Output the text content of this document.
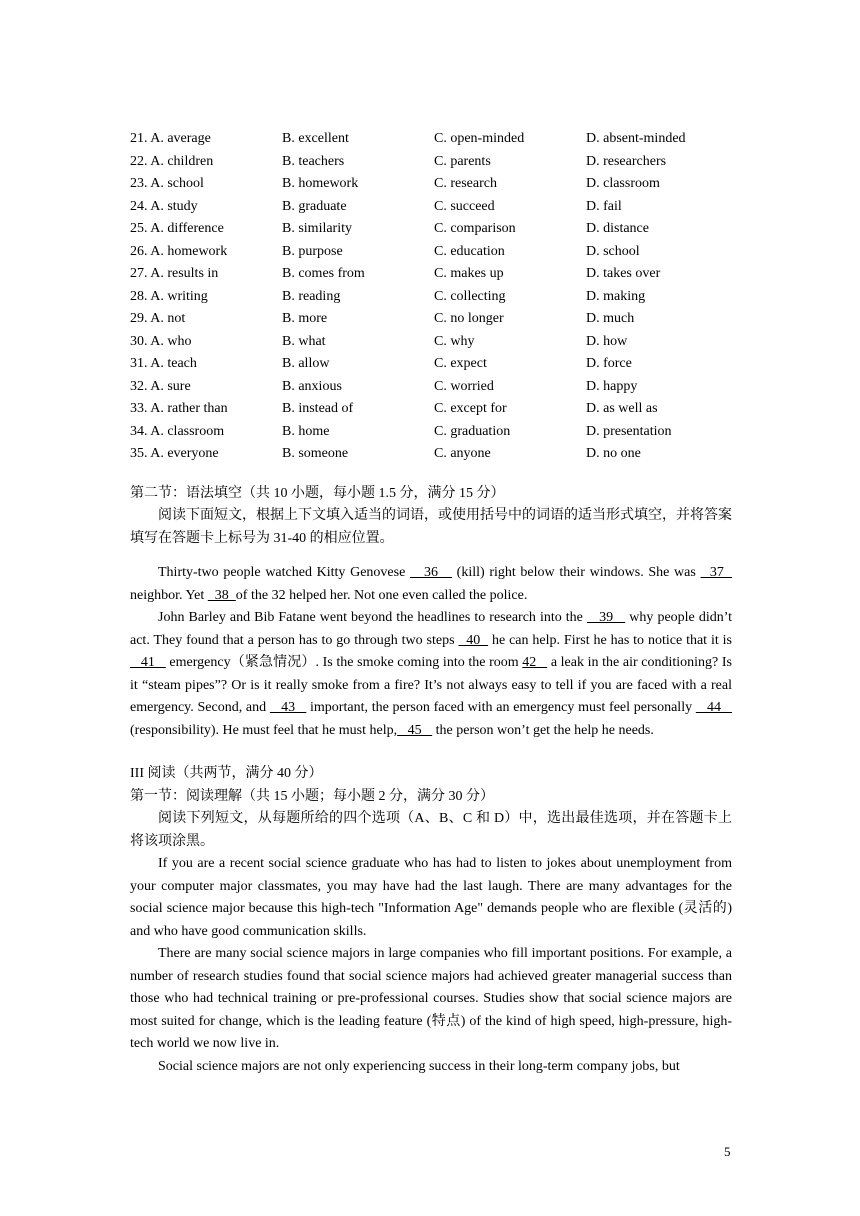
21. A. average	B. excellent	C. open-minded	D. absent-minded
22. A. children	B. teachers	C. parents	D. researchers
23. A. school	B. homework	C. research	D. classroom
24. A. study	B. graduate	C. succeed	D. fail
25. A. difference	B. similarity	C. comparison	D. distance
26. A. homework	B. purpose	C. education	D. school
27. A. results in	B. comes from	C. makes up	D. takes over
28. A. writing	B. reading	C. collecting	D. making
29. A. not	B. more	C. no longer	D. much
30. A. who	B. what	C. why	D. how
31. A. teach	B. allow	C. expect	D. force
32. A. sure	B. anxious	C. worried	D. happy
33. A. rather than	B. instead of	C. except for	D. as well as
34. A. classroom	B. home	C. graduation	D. presentation
35. A. everyone	B. someone	C. anyone	D. no one
第二节：语法填空（共 10 小题，每小题 1.5 分，满分 15 分）

阅读下面短文，根据上下文填入适当的词语，或使用括号中的词语的适当形式填空，并将答案填写在答题卡上标号为 31-40 的相应位置。

Thirty-two people watched Kitty Genovese    36    (kill) right below their windows. She was   37   neighbor. Yet   38  of the 32 helped her. Not one even called the police.

John Barley and Bib Fatane went beyond the headlines to research into the    39    why people didn’t act. They found that a person has to go through two steps   40   he can help. First he has to notice that it is    41    emergency（紧急情况）. Is the smoke coming into the room 42    a leak in the air conditioning? Is it “steam pipes”? Or is it really smoke from a fire? It’s not always easy to tell if you are faced with a real emergency. Second, and    43    important, the person faced with an emergency must feel personally    44    (responsibility). He must feel that he must help,   45    the person won’t get the help he needs.

III 阅读（共两节，满分 40 分）
第一节：阅读理解（共 15 小题；每小题 2 分，满分 30 分）

阅读下列短文，从每题所给的四个选项（A、B、C 和 D）中，选出最佳选项，并在答题卡上将该项涂黑。

If you are a recent social science graduate who has had to listen to jokes about unemployment from your computer major classmates, you may have had the last laugh. There are many advantages for the social science major because this high-tech "Information Age" demands people who are flexible (灵活的) and who have good communication skills.

There are many social science majors in large companies who fill important positions. For example, a number of research studies found that social science majors had achieved greater managerial success than those who had technical training or pre-professional courses. Studies show that social science majors are most suited for change, which is the leading feature (特点) of the kind of high speed, high-pressure, high-tech world we now live in.

Social science majors are not only experiencing success in their long-term company jobs, but

5
